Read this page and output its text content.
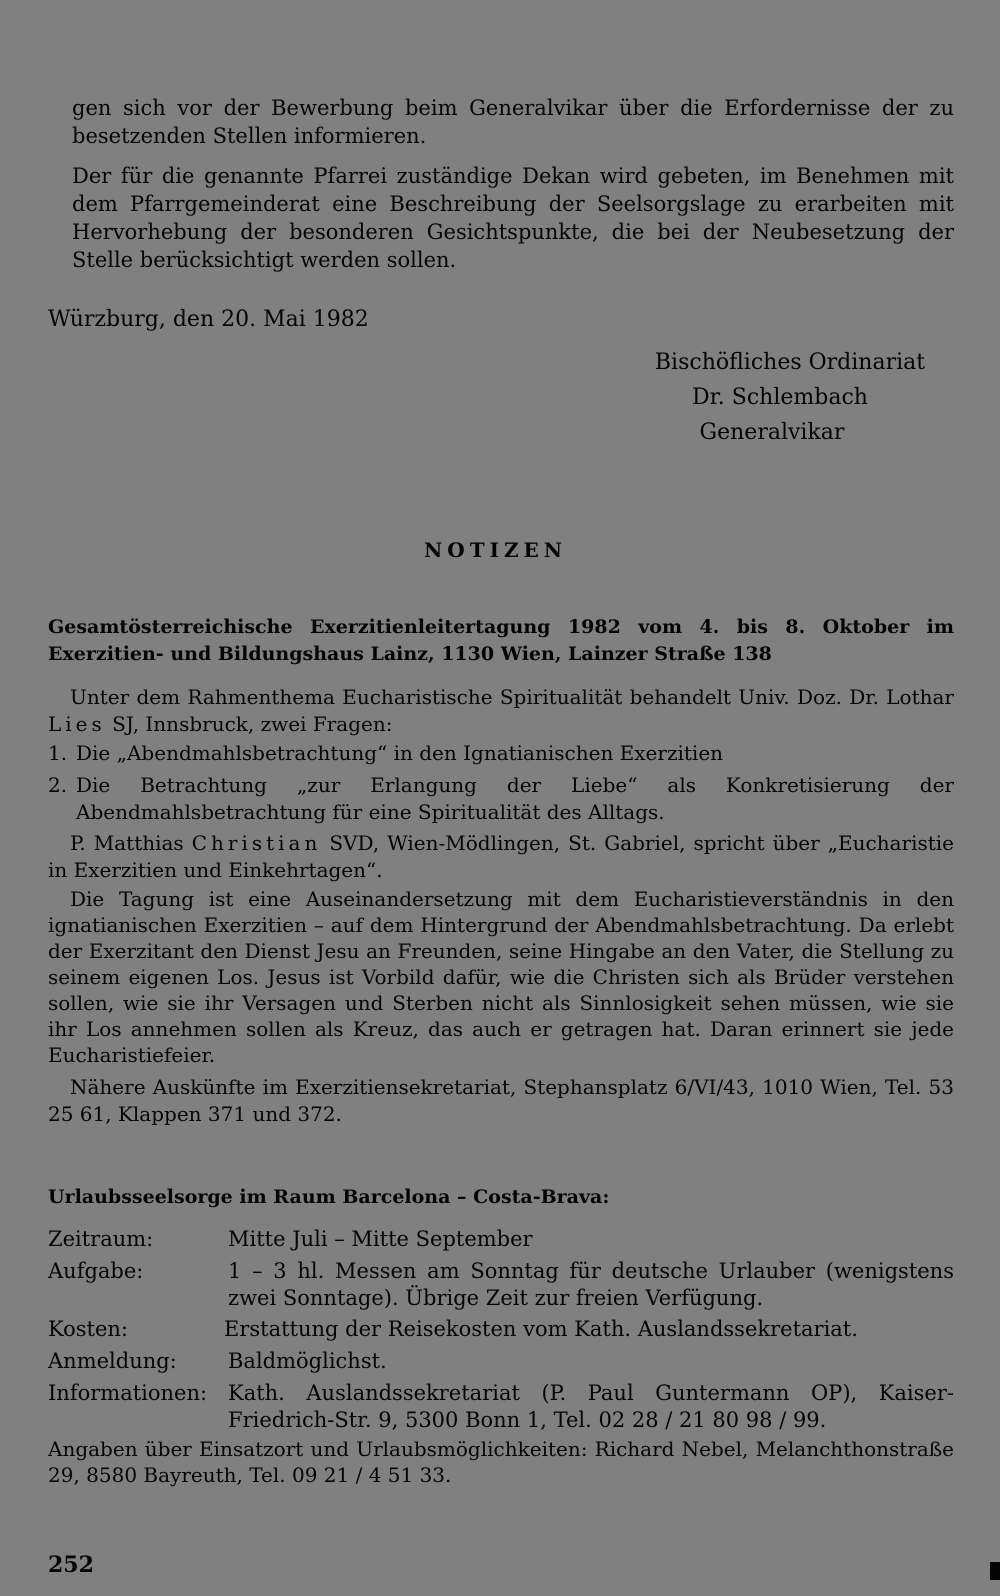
gen sich vor der Bewerbung beim Generalvikar über die Erfordernisse der zu besetzenden Stellen informieren.

Der für die genannte Pfarrei zuständige Dekan wird gebeten, im Benehmen mit dem Pfarrgemeinderat eine Beschreibung der Seelsorgslage zu erarbeiten mit Hervorhebung der besonderen Gesichtspunkte, die bei der Neubesetzung der Stelle berücksichtigt werden sollen.

Würzburg, den 20. Mai 1982

Bischöfliches Ordinariat
Dr. Schlembach
Generalvikar
NOTIZEN

Gesamtösterreichische Exerzitienleitertagung 1982 vom 4. bis 8. Oktober im Exerzitien- und Bildungshaus Lainz, 1130 Wien, Lainzer Straße 138

Unter dem Rahmenthema Eucharistische Spiritualität behandelt Univ. Doz. Dr. Lothar Lies SJ, Innsbruck, zwei Fragen:

1. Die „Abendmahlsbetrachtung“ in den Ignatianischen Exerzitien
2. Die Betrachtung „zur Erlangung der Liebe“ als Konkretisierung der Abendmahlsbetrachtung für eine Spiritualität des Alltags.

P. Matthias Christian SVD, Wien-Mödlingen, St. Gabriel, spricht über „Eucharistie in Exerzitien und Einkehrtagen“.

Die Tagung ist eine Auseinandersetzung mit dem Eucharistieverständnis in den ignatianischen Exerzitien – auf dem Hintergrund der Abendmahlsbetrachtung. Da erlebt der Exerzitant den Dienst Jesu an Freunden, seine Hingabe an den Vater, die Stellung zu seinem eigenen Los. Jesus ist Vorbild dafür, wie die Christen sich als Brüder verstehen sollen, wie sie ihr Versagen und Sterben nicht als Sinnlosigkeit sehen müssen, wie sie ihr Los annehmen sollen als Kreuz, das auch er getragen hat. Daran erinnert sie jede Eucharistiefeier.

Nähere Auskünfte im Exerzitiensekretariat, Stephansplatz 6/VI/43, 1010 Wien, Tel. 53 25 61, Klappen 371 und 372.

Urlaubsseelsorge im Raum Barcelona – Costa-Brava:

Zeitraum:	Mitte Juli – Mitte September
Aufgabe:	1 – 3 hl. Messen am Sonntag für deutsche Urlauber (wenigstens zwei Sonntage). Übrige Zeit zur freien Verfügung.
Kosten:	Erstattung der Reisekosten vom Kath. Auslandssekretariat.
Anmeldung:	Baldmöglichst.
Informationen: Kath. Auslandssekretariat (P. Paul Guntermann OP), Kaiser-Friedrich-Str. 9, 5300 Bonn 1, Tel. 02 28 / 21 80 98 / 99.

Angaben über Einsatzort und Urlaubsmöglichkeiten: Richard Nebel, Melanchthonstraße 29, 8580 Bayreuth, Tel. 09 21 / 4 51 33.

252
